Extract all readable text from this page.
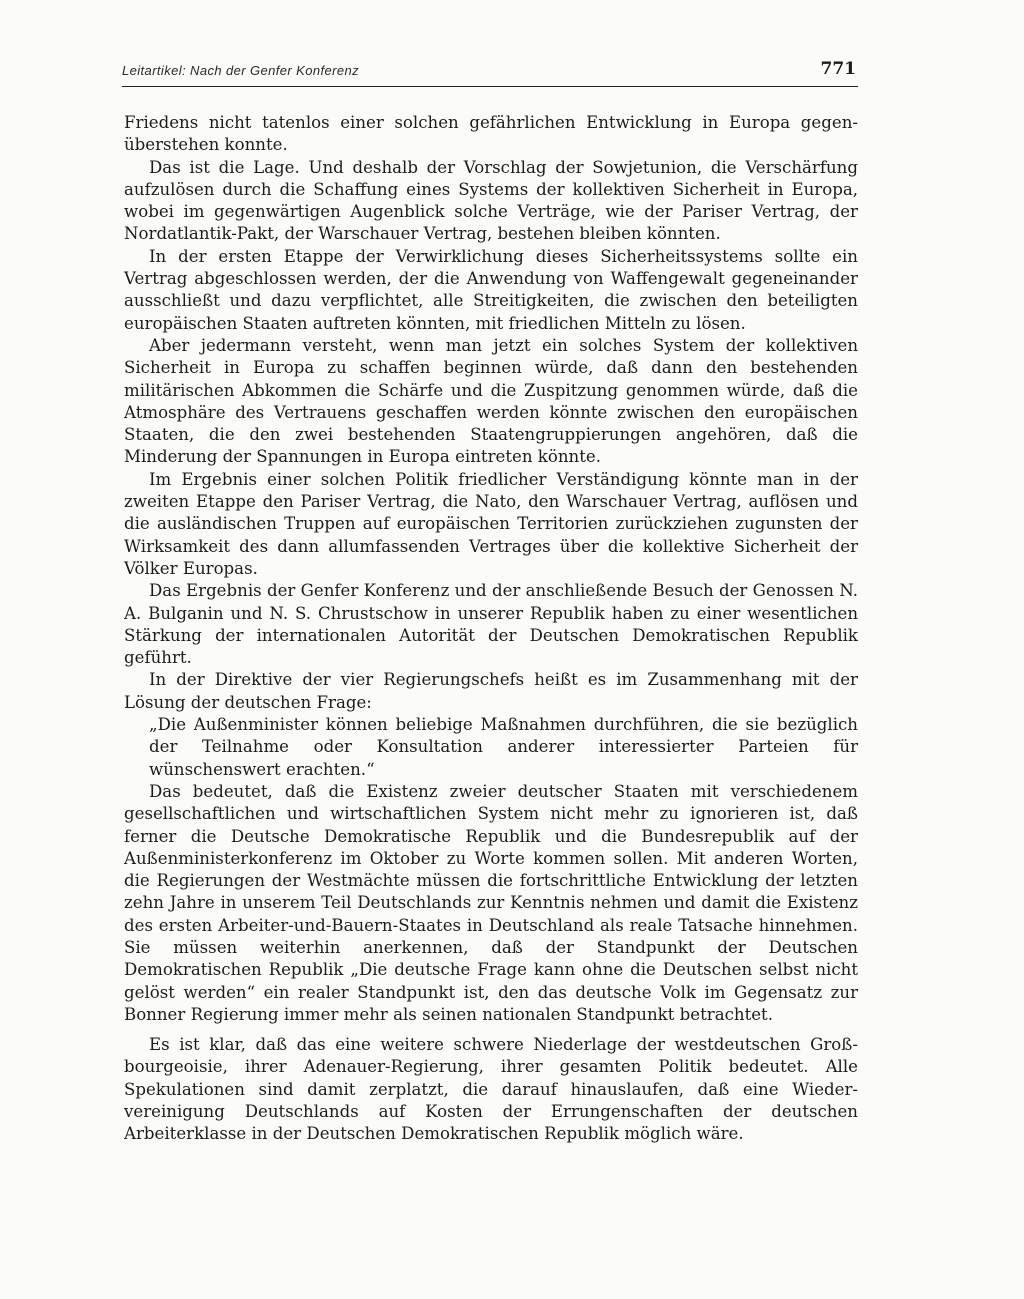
Leitartikel: Nach der Genfer Konferenz	771

Friedens nicht tatenlos einer solchen gefährlichen Entwicklung in Europa gegenüberstehen konnte.

Das ist die Lage. Und deshalb der Vorschlag der Sowjetunion, die Verschärfung aufzulösen durch die Schaffung eines Systems der kollektiven Sicherheit in Europa, wobei im gegenwärtigen Augenblick solche Verträge, wie der Pariser Vertrag, der Nordatlantik-Pakt, der Warschauer Vertrag, bestehen bleiben könnten.

In der ersten Etappe der Verwirklichung dieses Sicherheitssystems sollte ein Vertrag abgeschlossen werden, der die Anwendung von Waffengewalt gegeneinander ausschließt und dazu verpflichtet, alle Streitigkeiten, die zwischen den beteiligten europäischen Staaten auftreten könnten, mit friedlichen Mitteln zu lösen.

Aber jedermann versteht, wenn man jetzt ein solches System der kollektiven Sicherheit in Europa zu schaffen beginnen würde, daß dann den bestehenden militärischen Abkommen die Schärfe und die Zuspitzung genommen würde, daß die Atmosphäre des Vertrauens geschaffen werden könnte zwischen den europäischen Staaten, die den zwei bestehenden Staatengruppierungen angehören, daß die Minderung der Spannungen in Europa eintreten könnte.

Im Ergebnis einer solchen Politik friedlicher Verständigung könnte man in der zweiten Etappe den Pariser Vertrag, die Nato, den Warschauer Vertrag, auflösen und die ausländischen Truppen auf europäischen Territorien zurückziehen zugunsten der Wirksamkeit des dann allumfassenden Vertrages über die kollektive Sicherheit der Völker Europas.

Das Ergebnis der Genfer Konferenz und der anschließende Besuch der Genossen N. A. Bulganin und N. S. Chrustschow in unserer Republik haben zu einer wesentlichen Stärkung der internationalen Autorität der Deutschen Demokratischen Republik geführt.

In der Direktive der vier Regierungschefs heißt es im Zusammenhang mit der Lösung der deutschen Frage:

„Die Außenminister können beliebige Maßnahmen durchführen, die sie bezüglich der Teilnahme oder Konsultation anderer interessierter Parteien für wünschenswert erachten.“

Das bedeutet, daß die Existenz zweier deutscher Staaten mit verschiedenem gesellschaftlichen und wirtschaftlichen System nicht mehr zu ignorieren ist, daß ferner die Deutsche Demokratische Republik und die Bundesrepublik auf der Außenministerkonferenz im Oktober zu Worte kommen sollen. Mit anderen Worten, die Regierungen der Westmächte müssen die fortschrittliche Entwicklung der letzten zehn Jahre in unserem Teil Deutschlands zur Kenntnis nehmen und damit die Existenz des ersten Arbeiter-und-Bauern-Staates in Deutschland als reale Tatsache hinnehmen. Sie müssen weiterhin anerkennen, daß der Standpunkt der Deutschen Demokratischen Republik „Die deutsche Frage kann ohne die Deutschen selbst nicht gelöst werden“ ein realer Standpunkt ist, den das deutsche Volk im Gegensatz zur Bonner Regierung immer mehr als seinen nationalen Standpunkt betrachtet.

Es ist klar, daß das eine weitere schwere Niederlage der westdeutschen Großbourgeoisie, ihrer Adenauer-Regierung, ihrer gesamten Politik bedeutet. Alle Spekulationen sind damit zerplatzt, die darauf hinauslaufen, daß eine Wiedervereinigung Deutschlands auf Kosten der Errungenschaften der deutschen Arbeiterklasse in der Deutschen Demokratischen Republik möglich wäre.
